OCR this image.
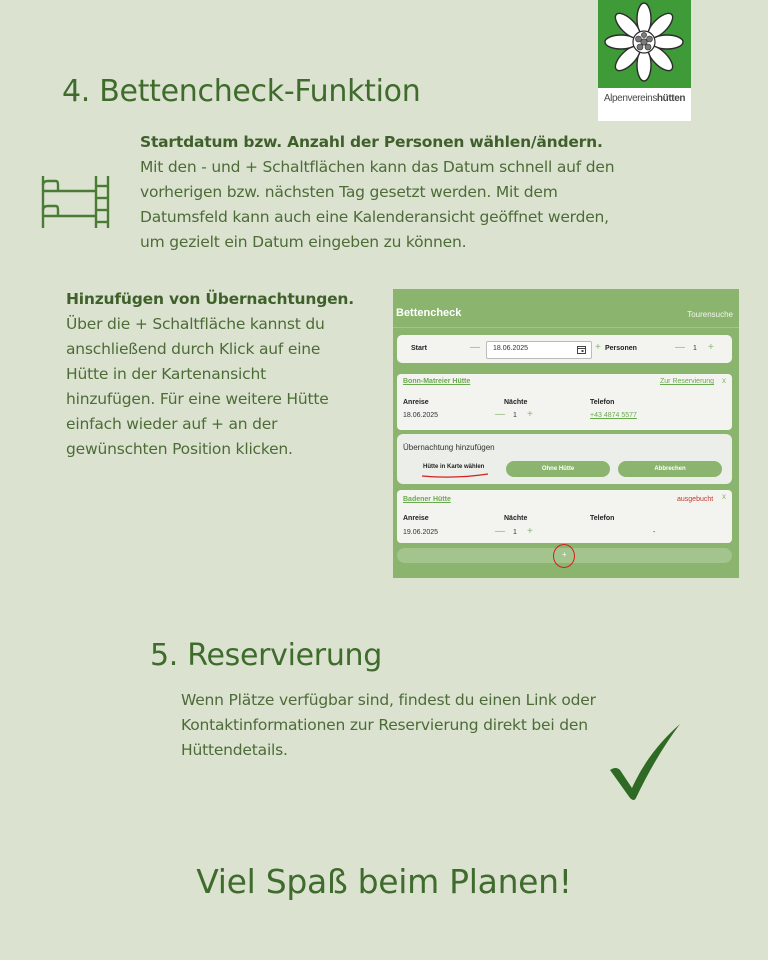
Alpenvereinshütten
4. Bettencheck-Funktion
Startdatum bzw. Anzahl der Personen wählen/ändern.
Mit den - und + Schaltflächen kann das Datum schnell auf den
vorherigen bzw. nächsten Tag gesetzt werden. Mit dem
Datumsfeld kann auch eine Kalenderansicht geöffnet werden,
um gezielt ein Datum eingeben zu können.
Hinzufügen von Übernachtungen.
Über die + Schaltfläche kannst du
anschließend durch Klick auf eine
Hütte in der Kartenansicht
hinzufügen. Für eine weitere Hütte
einfach wieder auf + an der
gewünschten Position klicken.
Bettencheck	Tourensuche
Start	— 18.06.2025	+ Personen	— 1 +
Bonn-Matreier Hütte	Zur Reservierung x
Anreise	Nächte	Telefon
18.06.2025	— 1 +	+43 4874 5577
Übernachtung hinzufügen
Hütte in Karte wählen	Ohne Hütte	Abbrechen
Badener Hütte	ausgebucht x
Anreise	Nächte	Telefon
19.06.2025	— 1 +	-
+
5. Reservierung
Wenn Plätze verfügbar sind, findest du einen Link oder
Kontaktinformationen zur Reservierung direkt bei den
Hüttendetails.
Viel Spaß beim Planen!
